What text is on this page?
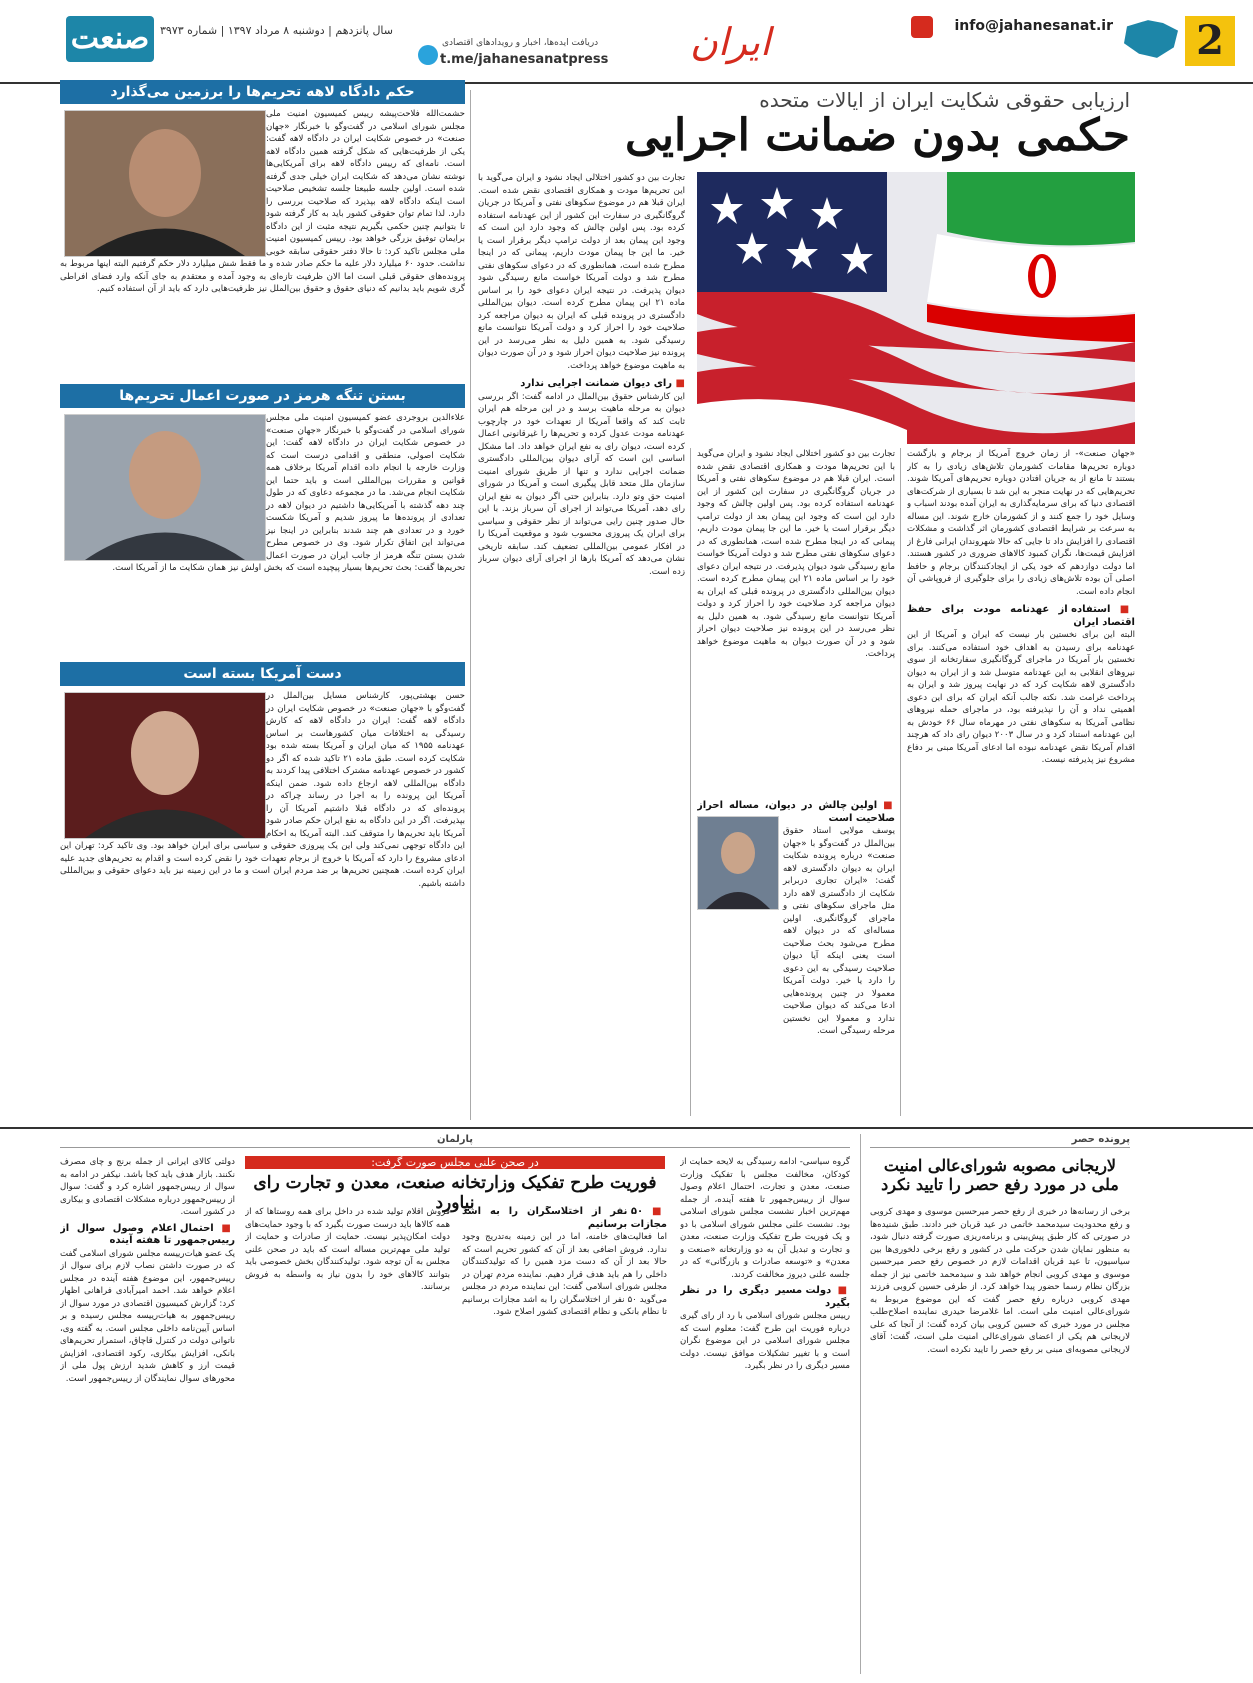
2
info@jahanesanat.ir
ایران
دریافت ایده‌ها، اخبار و رویدادهای اقتصادی
t.me/jahanesanatpress
سال پانزدهم | دوشنبه ۸ مرداد ۱۳۹۷ | شماره ۳۹۷۳
صنعت
ارزیابی حقوقی شکایت ایران از ایالات متحده
حکمی بدون ضمانت اجرایی
«جهان صنعت»- از زمان خروج آمریکا از برجام و بازگشت دوباره تحریم‌ها مقامات کشورمان تلاش‌های زیادی را به کار بستند تا مانع از به جریان افتادن دوباره تحریم‌های آمریکا شوند. تحریم‌هایی که در نهایت منجر به این شد تا بسیاری از شرکت‌های اقتصادی دنیا که برای سرمایه‌گذاری به ایران آمده بودند اسباب و وسایل خود را جمع کنند و از کشورمان خارج شوند. این مساله به سرعت بر شرایط اقتصادی کشورمان اثر گذاشت و مشکلات اقتصادی را افزایش داد تا جایی که حالا شهروندان ایرانی فارغ از افزایش قیمت‌ها، نگران کمبود کالاهای ضروری در کشور هستند. اما دولت دوازدهم که خود یکی از ایجادکنندگان برجام و حافظ اصلی آن بوده تلاش‌های زیادی را برای جلوگیری از فروپاشی آن انجام داده است.
■ استفاده از عهدنامه مودت برای حفظ اقتصاد ایران
البته این برای نخستین بار نیست که ایران و آمریکا از این عهدنامه برای رسیدن به اهداف خود استفاده می‌کنند. برای نخستین بار آمریکا در ماجرای گروگانگیری سفارتخانه از سوی نیروهای انقلابی به این عهدنامه متوسل شد و از ایران به دیوان دادگستری لاهه شکایت کرد که در نهایت پیروز شد و ایران به پرداخت غرامت شد. نکته جالب آنکه ایران که برای این دعوی اهمیتی نداد و آن را نپذیرفته بود، در ماجرای حمله نیروهای نظامی آمریکا به سکوهای نفتی در مهرماه سال ۶۶ خودش به این عهدنامه استناد کرد و در سال ۲۰۰۳ دیوان رای داد که هرچند اقدام آمریکا نقض عهدنامه نبوده اما ادعای آمریکا مبنی بر دفاع مشروع نیز پذیرفته نیست.
تجارت بین دو کشور اختلالی ایجاد نشود و ایران می‌گوید با این تحریم‌ها مودت و همکاری اقتصادی نقض شده است. ایران قبلا هم در موضوع سکوهای نفتی و آمریکا در جریان گروگانگیری در سفارت این کشور از این عهدنامه استفاده کرده بود. پس اولین چالش که وجود دارد این است که وجود این پیمان بعد از دولت ترامپ دیگر برقرار است یا خیر. ما این جا پیمان مودت داریم، پیمانی که در اینجا مطرح شده است، همانطوری که در دعوای سکوهای نفتی مطرح شد و دولت آمریکا خواست مانع رسیدگی شود دیوان پذیرفت. در نتیجه ایران دعوای خود را بر اساس ماده ۲۱ این پیمان مطرح کرده است. دیوان بین‌المللی دادگستری در پرونده قبلی که ایران به دیوان مراجعه کرد صلاحیت خود را احراز کرد و دولت آمریکا نتوانست مانع رسیدگی شود. به همین دلیل به نظر می‌رسد در این پرونده نیز صلاحیت دیوان احراز شود و در آن صورت دیوان به ماهیت موضوع خواهد پرداخت.
■ اولین چالش در دیوان، مساله احراز صلاحیت است
یوسف مولایی استاد حقوق بین‌الملل در گفت‌وگو با «جهان صنعت» درباره پرونده شکایت ایران به دیوان دادگستری لاهه گفت: «ایران تجاری دربرابر شکایت از دادگستری لاهه دارد مثل ماجرای سکوهای نفتی و ماجرای گروگانگیری. اولین مساله‌ای که در دیوان لاهه مطرح می‌شود بحث صلاحیت است یعنی اینکه آیا دیوان صلاحیت رسیدگی به این دعوی را دارد یا خیر. دولت آمریکا معمولا در چنین پرونده‌هایی ادعا می‌کند که دیوان صلاحیت ندارد و معمولا این نخستین مرحله رسیدگی است.
تجارت بین دو کشور اختلالی ایجاد نشود و ایران می‌گوید با این تحریم‌ها مودت و همکاری اقتصادی نقض شده است. ایران قبلا هم در موضوع سکوهای نفتی و آمریکا در جریان گروگانگیری در سفارت این کشور از این عهدنامه استفاده کرده بود. پس اولین چالش که وجود دارد این است که وجود این پیمان بعد از دولت ترامپ دیگر برقرار است یا خیر. ما این جا پیمان مودت داریم، پیمانی که در اینجا مطرح شده است، همانطوری که در دعوای سکوهای نفتی مطرح شد و دولت آمریکا خواست مانع رسیدگی شود دیوان پذیرفت. در نتیجه ایران دعوای خود را بر اساس ماده ۲۱ این پیمان مطرح کرده است. دیوان بین‌المللی دادگستری در پرونده قبلی که ایران به دیوان مراجعه کرد صلاحیت خود را احراز کرد و دولت آمریکا نتوانست مانع رسیدگی شود. به همین دلیل به نظر می‌رسد در این پرونده نیز صلاحیت دیوان احراز شود و در آن صورت دیوان به ماهیت موضوع خواهد پرداخت.
■ رای دیوان ضمانت اجرایی ندارد
این کارشناس حقوق بین‌الملل در ادامه گفت: اگر بررسی دیوان به مرحله ماهیت برسد و در این مرحله هم ایران ثابت کند که واقعا آمریکا از تعهدات خود در چارچوب عهدنامه مودت عدول کرده و تحریم‌ها را غیرقانونی اعمال کرده است، دیوان رای به نفع ایران خواهد داد. اما مشکل اساسی این است که آرای دیوان بین‌المللی دادگستری ضمانت اجرایی ندارد و تنها از طریق شورای امنیت سازمان ملل متحد قابل پیگیری است و آمریکا در شورای امنیت حق وتو دارد. بنابراین حتی اگر دیوان به نفع ایران رای دهد، آمریکا می‌تواند از اجرای آن سرباز بزند. با این حال صدور چنین رایی می‌تواند از نظر حقوقی و سیاسی برای ایران یک پیروزی محسوب شود و موقعیت آمریکا را در افکار عمومی بین‌المللی تضعیف کند. سابقه تاریخی نشان می‌دهد که آمریکا بارها از اجرای آرای دیوان سرباز زده است.
حکم دادگاه لاهه تحریم‌ها را برزمین می‌گذارد
حشمت‌الله فلاحت‌پیشه رییس کمیسیون امنیت ملی مجلس شورای اسلامی در گفت‌وگو با خبرنگار «جهان صنعت» در خصوص شکایت ایران در دادگاه لاهه گفت: یکی از ظرفیت‌هایی که شکل گرفته همین دادگاه لاهه است. نامه‌ای که رییس دادگاه لاهه برای آمریکایی‌ها نوشته نشان می‌دهد که شکایت ایران خیلی جدی گرفته شده است. اولین جلسه طبیعتا جلسه تشخیص صلاحیت است اینکه دادگاه لاهه بپذیرد که صلاحیت بررسی را دارد. لذا تمام توان حقوقی کشور باید به کار گرفته شود تا بتوانیم چنین حکمی بگیریم نتیجه مثبت از این دادگاه برایمان توفیق بزرگی خواهد بود. رییس کمیسیون امنیت ملی مجلس تاکید کرد: تا حالا دفتر حقوقی سابقه خوبی نداشت. حدود ۶۰ میلیارد دلار علیه ما حکم صادر شده و ما فقط شش میلیارد دلار حکم گرفتیم البته اینها مربوط به پرونده‌های حقوقی قبلی است اما الان ظرفیت تازه‌ای به وجود آمده و معتقدم به جای آنکه وارد فضای افراطی گری شویم باید بدانیم که دنیای حقوق و حقوق بین‌الملل نیز ظرفیت‌هایی دارد که باید از آن استفاده کنیم.
بستن تنگه هرمز در صورت اعمال تحریم‌ها
علاءالدین بروجردی عضو کمیسیون امنیت ملی مجلس شورای اسلامی در گفت‌وگو با خبرنگار «جهان صنعت» در خصوص شکایت ایران در دادگاه لاهه گفت: این شکایت اصولی، منطقی و اقدامی درست است که وزارت خارجه با انجام داده اقدام آمریکا برخلاف همه قوانین و مقررات بین‌المللی است و باید حتما این شکایت انجام می‌شد. ما در مجموعه دعاوی که در طول چند دهه گذشته با آمریکایی‌ها داشتیم در دیوان لاهه در تعدادی از پرونده‌ها ما پیروز شدیم و آمریکا شکست خورد و در تعدادی هم چند شدند بنابراین در اینجا نیز می‌تواند این اتفاق تکرار شود. وی در خصوص مطرح شدن بستن تنگه هرمز از جانب ایران در صورت اعمال تحریم‌ها گفت: بحث تحریم‌ها بسیار پیچیده است که بخش اولش نیز همان شکایت ما از آمریکا است.
دست آمریکا بسته است
حسن بهشتی‌پور، کارشناس مسایل بین‌الملل در گفت‌وگو با «جهان صنعت» در خصوص شکایت ایران در دادگاه لاهه گفت: ایران در دادگاه لاهه که کارش رسیدگی به اختلافات میان کشورهاست بر اساس عهدنامه ۱۹۵۵ که میان ایران و آمریکا بسته شده بود شکایت کرده است. طبق ماده ۲۱ تاکید شده که اگر دو کشور در خصوص عهدنامه مشترک اختلافی پیدا کردند به دادگاه بین‌المللی لاهه ارجاع داده شود. ضمن اینکه آمریکا این پرونده را به اجرا در رساند چراکه در پرونده‌ای که در دادگاه قبلا داشتیم آمریکا آن را بپذیرفت. اگر در این دادگاه به نفع ایران حکم صادر شود آمریکا باید تحریم‌ها را متوقف کند. البته آمریکا به احکام این دادگاه توجهی نمی‌کند ولی این یک پیروزی حقوقی و سیاسی برای ایران خواهد بود. وی تاکید کرد: تهران این ادعای مشروع را دارد که آمریکا با خروج از برجام تعهدات خود را نقض کرده است و اقدام به تحریم‌های جدید علیه ایران کرده است. همچنین تحریم‌ها بر ضد مردم ایران است و ما در این زمینه نیز باید دعوای حقوقی و بین‌المللی داشته باشیم.
پرونده حصر
لاریجانی مصوبه شورای‌عالی امنیت ملی در مورد رفع حصر را تایید نکرد
برخی از رسانه‌ها در خبری از رفع حصر میرحسین موسوی و مهدی کروبی و رفع محدودیت سیدمحمد خاتمی در عید قربان خبر دادند. طبق شنیده‌ها در صورتی که کار طبق پیش‌بینی و برنامه‌ریزی صورت گرفته دنبال شود، به منظور نمایان شدن حرکت ملی در کشور و رفع برخی دلخوری‌ها بین سیاسیون، تا عید قربان اقدامات لازم در خصوص رفع حصر میرحسین موسوی و مهدی کروبی انجام خواهد شد و سیدمحمد خاتمی نیز از جمله بزرگان نظام رسما حضور پیدا خواهد کرد. از طرفی حسین کروبی فرزند مهدی کروبی درباره رفع حصر گفت که این موضوع مربوط به شورای‌عالی امنیت ملی است. اما غلامرضا حیدری نماینده اصلاح‌طلب مجلس در مورد خبری که حسین کروبی بیان کرده گفت: از آنجا که علی لاریجانی هم یکی از اعضای شورای‌عالی امنیت ملی است، گفت: آقای لاریجانی مصوبه‌ای مبنی بر رفع حصر را تایید نکرده است.
پارلمان
در صحن علنی مجلس صورت گرفت:
فوریت طرح تفکیک وزارتخانه صنعت، معدن و تجارت رای نیاورد
گروه سیاسی- ادامه رسیدگی به لایحه حمایت از کودکان، مخالفت مجلس با تفکیک وزارت صنعت، معدن و تجارت، احتمال اعلام وصول سوال از رییس‌جمهور تا هفته آینده، از جمله مهم‌ترین اخبار نشست مجلس شورای اسلامی بود. نشست علنی مجلس شورای اسلامی با دو و یک فوریت طرح تفکیک وزارت صنعت، معدن و تجارت و تبدیل آن به دو وزارتخانه «صنعت و معدن» و «توسعه صادرات و بازرگانی» که در جلسه علنی دیروز مخالفت کردند.
■ دولت مسیر دیگری را در نظر بگیرد
رییس مجلس شورای اسلامی با رد از رای گیری درباره فوریت این طرح گفت: معلوم است که مجلس شورای اسلامی در این موضوع نگران است و با تغییر تشکیلات موافق نیست. دولت مسیر دیگری را در نظر بگیرد.
■ ۵۰ نفر از اختلاسگران را به اشد مجازات برسانیم
اما فعالیت‌های خامنه، اما در این زمینه به‌تدریج وجود ندارد. فروش اضافی بعد از آن که کشور تحریم است که حالا بعد از آن که دست مزد همین را که تولیدکنندگان داخلی را هم باید هدف قرار دهیم. نماینده مردم تهران در مجلس شورای اسلامی گفت: این نماینده مردم در مجلس می‌گوید ۵۰ نفر از اختلاسگران را به اشد مجازات برسانیم تا نظام بانکی و نظام اقتصادی کشور اصلاح شود.
فروش اقلام تولید شده در داخل برای همه روستاها که از همه کالاها باید درست صورت بگیرد که با وجود حمایت‌های دولت امکان‌پذیر نیست. حمایت از صادرات و حمایت از تولید ملی مهم‌ترین مساله است که باید در صحن علنی مجلس به آن توجه شود. تولیدکنندگان بخش خصوصی باید بتوانند کالاهای خود را بدون نیاز به واسطه به فروش برسانند.
دولتی کالای ایرانی از جمله برنج و چای مصرف نکنند. بازار هدف باید کجا باشد. نیکفر در ادامه به سوال از رییس‌جمهور اشاره کرد و گفت: سوال از رییس‌جمهور درباره مشکلات اقتصادی و بیکاری در کشور است.
■ احتمال اعلام وصول سوال از رییس‌جمهور تا هفته آینده
یک عضو هیات‌رییسه مجلس شورای اسلامی گفت که در صورت داشتن نصاب لازم برای سوال از رییس‌جمهور، این موضوع هفته آینده در مجلس اعلام خواهد شد. احمد امیرآبادی فراهانی اظهار کرد: گزارش کمیسیون اقتصادی در مورد سوال از رییس‌جمهور به هیات‌رییسه مجلس رسیده و بر اساس آیین‌نامه داخلی مجلس است. به گفته وی، ناتوانی دولت در کنترل قاچاق، استمرار تحریم‌های بانکی، افزایش بیکاری، رکود اقتصادی، افزایش قیمت ارز و کاهش شدید ارزش پول ملی از محورهای سوال نمایندگان از رییس‌جمهور است.
